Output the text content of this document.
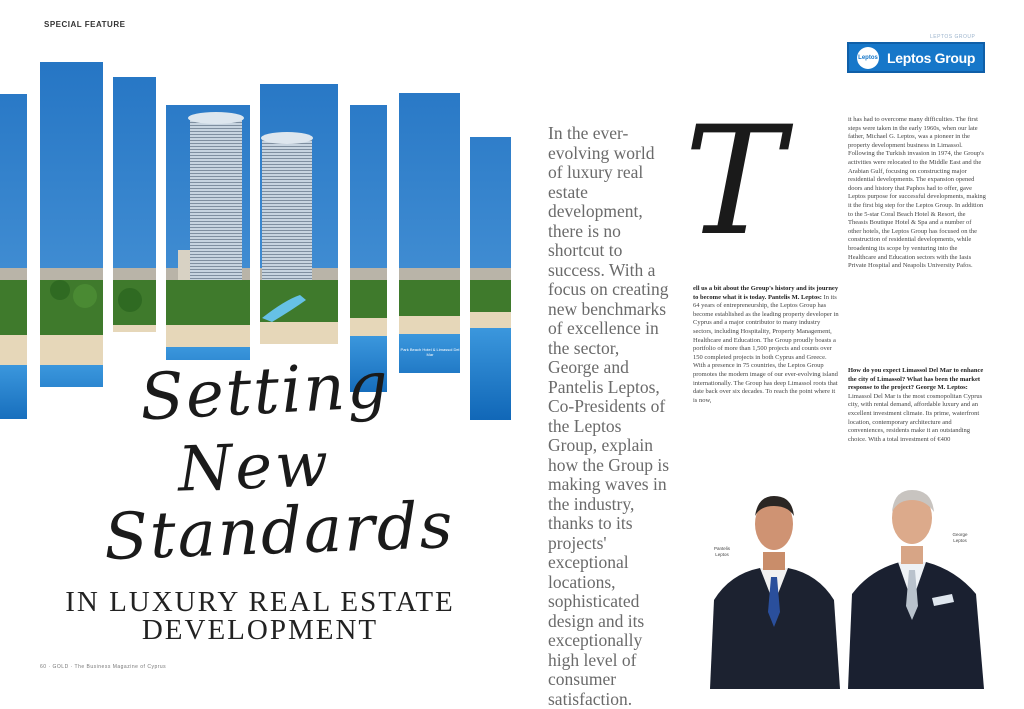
SPECIAL FEATURE
LEPTOS GROUP
Leptos Leptos Group
Park Beach Hotel & Limassol Del Mar
Setting
New
Standards
IN LUXURY REAL ESTATE
DEVELOPMENT
In the ever-evolving world of luxury real estate development, there is no shortcut to success. With a focus on creating new benchmarks of excellence in the sector, George and Pantelis Leptos, Co-Presidents of the Leptos Group, explain how the Group is making waves in the industry, thanks to its projects' exceptional locations, sophisticated design and its exceptionally high level of consumer satisfaction.
T
ell us a bit about the Group's history and its journey to become what it is today. Pantelis M. Leptos: In its 64 years of entrepreneurship, the Leptos Group has become established as the leading property developer in Cyprus and a major contributor to many industry sectors, including Hospitality, Property Management, Healthcare and Education. The Group proudly boasts a portfolio of more than 1,500 projects and counts over 150 completed projects in both Cyprus and Greece. With a presence in 75 countries, the Leptos Group promotes the modern image of our ever-evolving island internationally. The Group has deep Limassol roots that date back over six decades. To reach the point where it is now,
it has had to overcome many difficulties. The first steps were taken in the early 1960s, when our late father, Michael G. Leptos, was a pioneer in the property development business in Limassol. Following the Turkish invasion in 1974, the Group's activities were relocated to the Middle East and the Arabian Gulf, focusing on constructing major residential developments. The expansion opened doors and history that Paphos had to offer, gave Leptos purpose for successful developments, making it the first big step for the Leptos Group. In addition to the 5-star Coral Beach Hotel & Resort, the Theasis Boutique Hotel & Spa and a number of other hotels, the Leptos Group has focused on the construction of residential developments, while broadening its scope by venturing into the Healthcare and Education sectors with the Iasis Private Hospital and Neapolis University Pafos.
How do you expect Limassol Del Mar to enhance the city of Limassol? What has been the market response to the project? George M. Leptos: Limassol Del Mar is the most cosmopolitan Cyprus city, with rental demand, affordable luxury and an excellent investment climate. Its prime, waterfront location, contemporary architecture and conveniences, residents make it an outstanding choice. With a total investment of €400
Pantelis Leptos
George Leptos
60 · GOLD · The Business Magazine of Cyprus
